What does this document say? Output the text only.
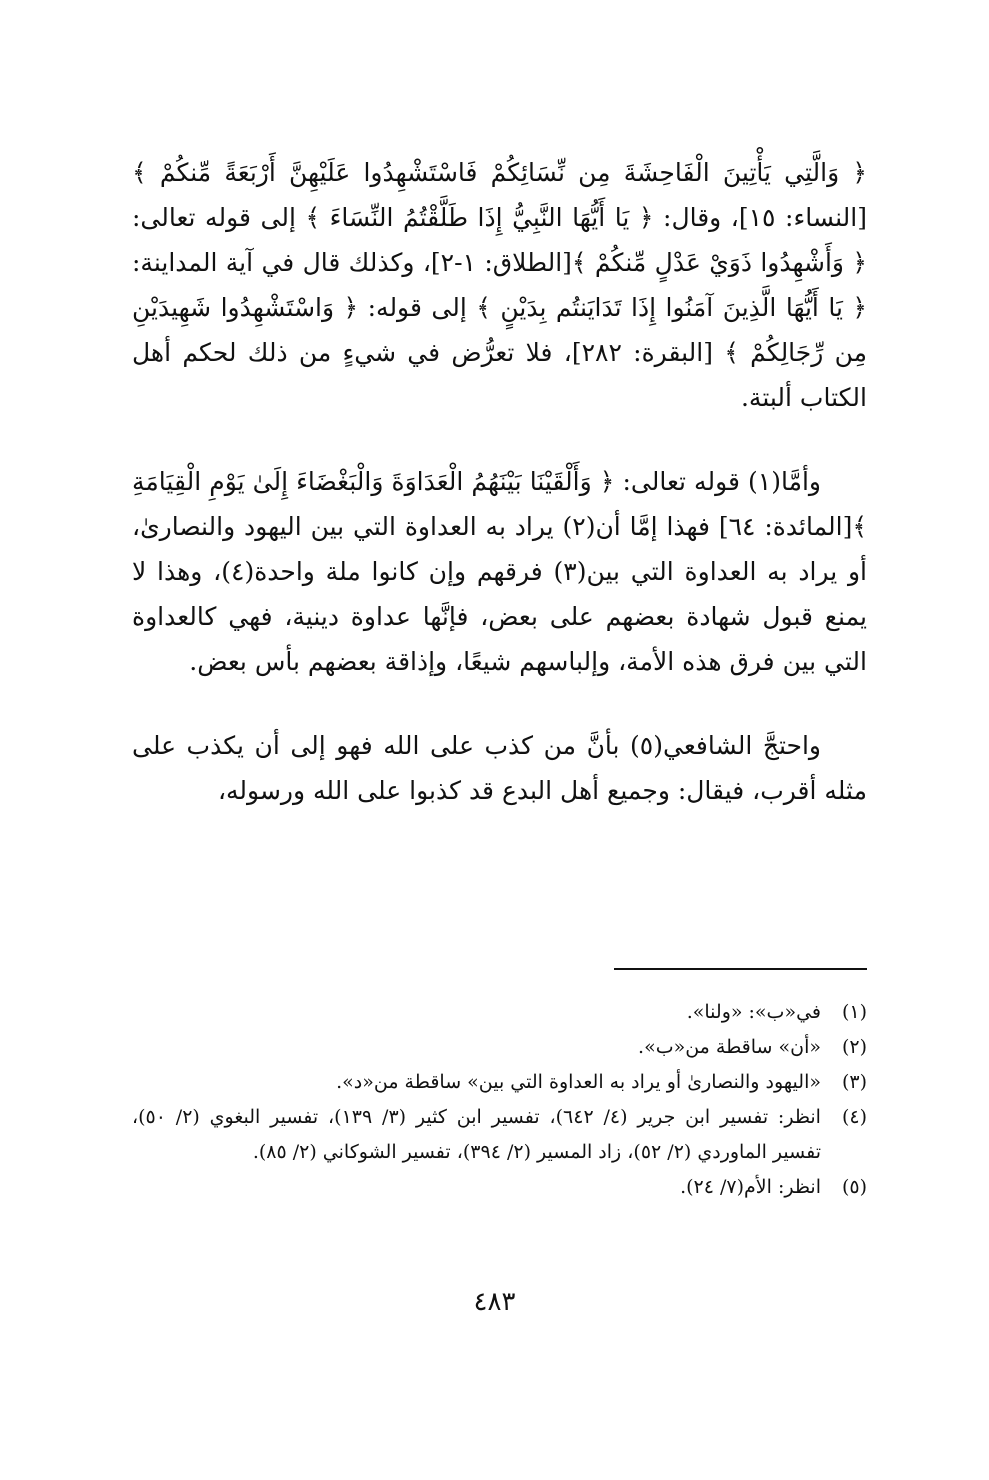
﴿ وَالَّتِي يَأْتِينَ الْفَاحِشَةَ مِن نِّسَائِكُمْ فَاسْتَشْهِدُوا عَلَيْهِنَّ أَرْبَعَةً مِّنكُمْ ﴾[النساء: ١٥]، وقال: ﴿ يَا أَيُّهَا النَّبِيُّ إِذَا طَلَّقْتُمُ النِّسَاءَ ﴾ إلى قوله تعالى: ﴿ وَأَشْهِدُوا ذَوَيْ عَدْلٍ مِّنكُمْ ﴾[الطلاق: ١-٢]، وكذلك قال في آية المداينة: ﴿ يَا أَيُّهَا الَّذِينَ آمَنُوا إِذَا تَدَايَنتُم بِدَيْنٍ ﴾ إلى قوله: ﴿ وَاسْتَشْهِدُوا شَهِيدَيْنِ مِن رِّجَالِكُمْ ﴾ [البقرة: ٢٨٢]، فلا تعرُّض في شيءٍ من ذلك لحكم أهل الكتاب ألبتة.

وأمَّا(١) قوله تعالى: ﴿ وَأَلْقَيْنَا بَيْنَهُمُ الْعَدَاوَةَ وَالْبَغْضَاءَ إِلَىٰ يَوْمِ الْقِيَامَةِ ﴾[المائدة: ٦٤] فهذا إمَّا أن(٢) يراد به العداوة التي بين اليهود والنصارىٰ، أو يراد به العداوة التي بين(٣) فرقهم وإن كانوا ملة واحدة(٤)، وهذا لا يمنع قبول شهادة بعضهم على بعض، فإنَّها عداوة دينية، فهي كالعداوة التي بين فرق هذه الأمة، وإلباسهم شيعًا، وإذاقة بعضهم بأس بعض.

واحتجَّ الشافعي(٥) بأنَّ من كذب على الله فهو إلى أن يكذب على مثله أقرب، فيقال: وجميع أهل البدع قد كذبوا على الله ورسوله،

(١)
في«ب»: «ولنا».
(٢)
«أن» ساقطة من«ب».
(٣)
«اليهود والنصارىٰ أو يراد به العداوة التي بين» ساقطة من«د».
(٤)
انظر: تفسير ابن جرير (٤/ ٦٤٢)، تفسير ابن كثير (٣/ ١٣٩)، تفسير البغوي (٢/ ٥٠)، تفسير الماوردي (٢/ ٥٢)، زاد المسير (٢/ ٣٩٤)، تفسير الشوكاني (٢/ ٨٥).
(٥)
انظر: الأم(٧/ ٢٤).
٤٨٣
